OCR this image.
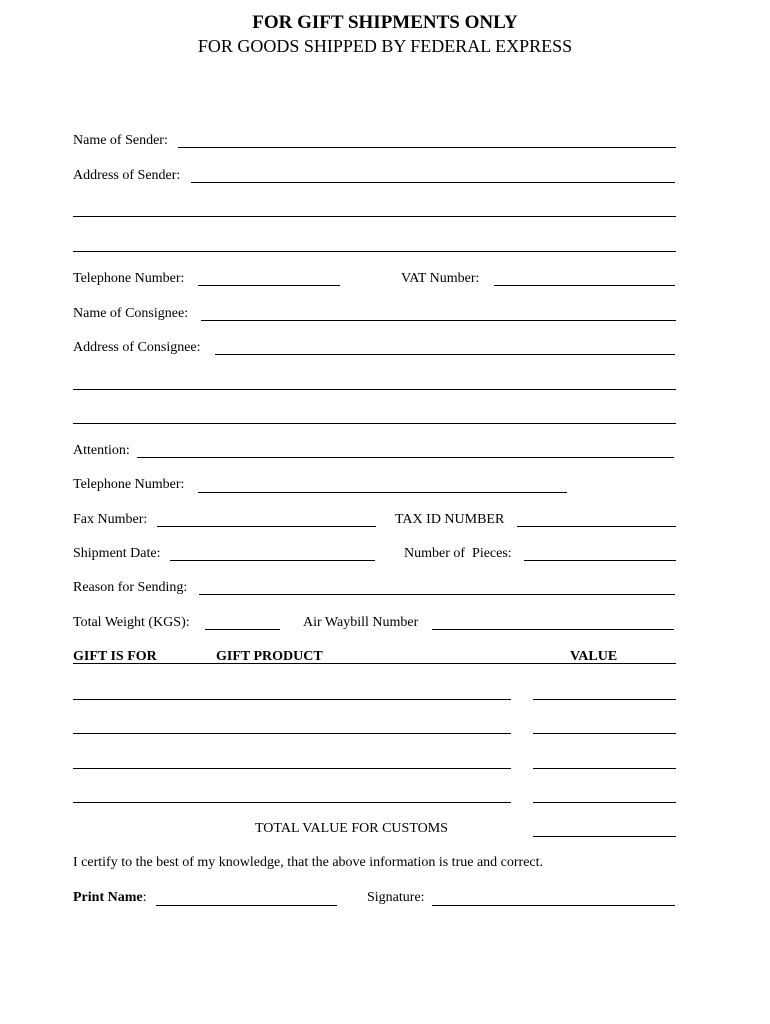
FOR GIFT SHIPMENTS ONLY
FOR GOODS SHIPPED BY FEDERAL EXPRESS
Name of Sender:
Address of Sender:
Telephone Number:	VAT Number:
Name of Consignee:
Address of Consignee:
Attention:
Telephone Number:
Fax Number:	TAX ID NUMBER
Shipment Date:	Number of  Pieces:
Reason for Sending:
Total Weight (KGS):	Air Waybill Number
GIFT IS FOR	GIFT PRODUCT	VALUE
TOTAL VALUE FOR CUSTOMS
I certify to the best of my knowledge, that the above information is true and correct.
Print Name:	Signature:
